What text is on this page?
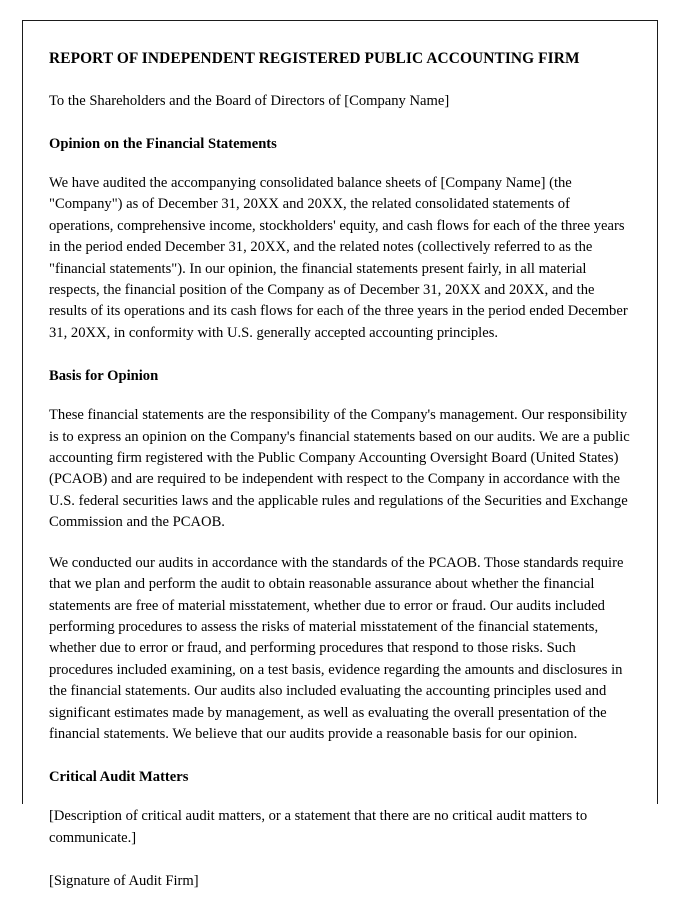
REPORT OF INDEPENDENT REGISTERED PUBLIC ACCOUNTING FIRM

To the Shareholders and the Board of Directors of [Company Name]

Opinion on the Financial Statements

We have audited the accompanying consolidated balance sheets of [Company Name] (the "Company") as of December 31, 20XX and 20XX, the related consolidated statements of operations, comprehensive income, stockholders' equity, and cash flows for each of the three years in the period ended December 31, 20XX, and the related notes (collectively referred to as the "financial statements"). In our opinion, the financial statements present fairly, in all material respects, the financial position of the Company as of December 31, 20XX and 20XX, and the results of its operations and its cash flows for each of the three years in the period ended December 31, 20XX, in conformity with U.S. generally accepted accounting principles.

Basis for Opinion

These financial statements are the responsibility of the Company's management. Our responsibility is to express an opinion on the Company's financial statements based on our audits. We are a public accounting firm registered with the Public Company Accounting Oversight Board (United States) (PCAOB) and are required to be independent with respect to the Company in accordance with the U.S. federal securities laws and the applicable rules and regulations of the Securities and Exchange Commission and the PCAOB.

We conducted our audits in accordance with the standards of the PCAOB. Those standards require that we plan and perform the audit to obtain reasonable assurance about whether the financial statements are free of material misstatement, whether due to error or fraud. Our audits included performing procedures to assess the risks of material misstatement of the financial statements, whether due to error or fraud, and performing procedures that respond to those risks. Such procedures included examining, on a test basis, evidence regarding the amounts and disclosures in the financial statements. Our audits also included evaluating the accounting principles used and significant estimates made by management, as well as evaluating the overall presentation of the financial statements. We believe that our audits provide a reasonable basis for our opinion.

Critical Audit Matters

[Description of critical audit matters, or a statement that there are no critical audit matters to communicate.]

[Signature of Audit Firm]
